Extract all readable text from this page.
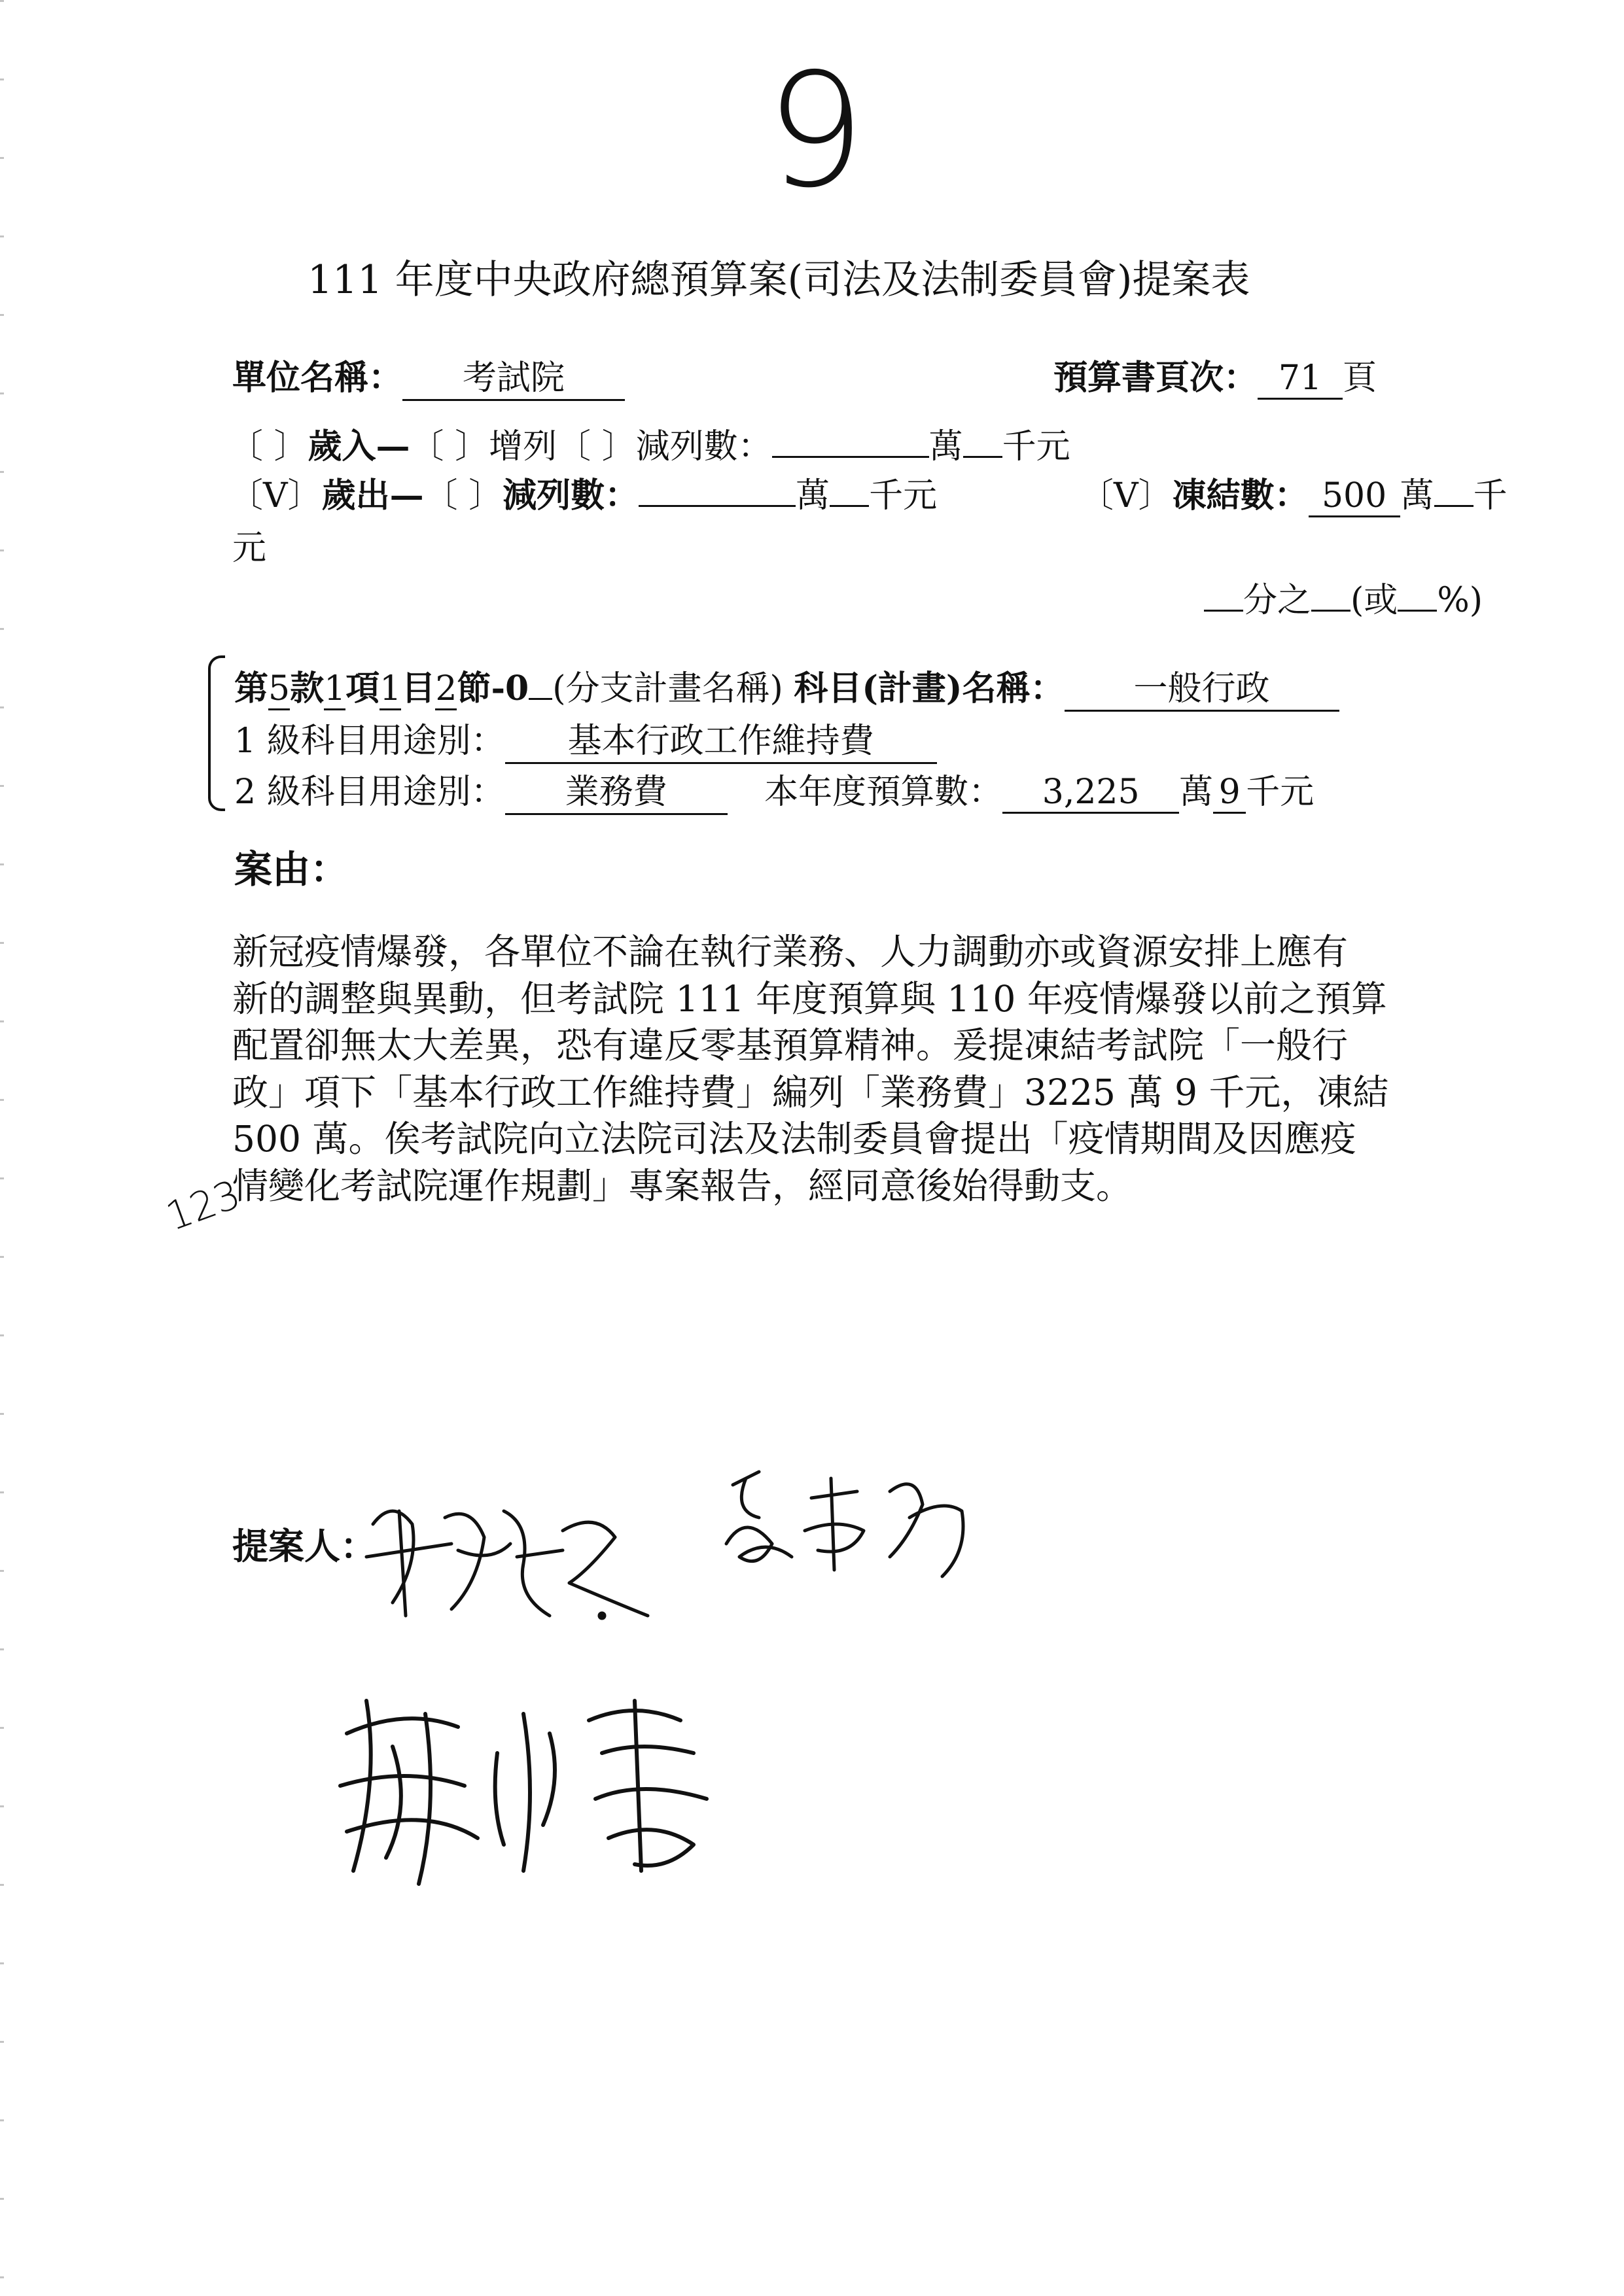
9
111 年度中央政府總預算案(司法及法制委員會)提案表
單位名稱： 考試院	預算書頁次： 71 頁
〔 〕歲入—〔 〕增列〔 〕減列數：	萬 千元
〔V〕歲出—〔 〕減列數：	萬 千元	〔V〕凍結數： 500 萬 千
元
分之 (或 %)
第5款1項1目2節-0 (分支計畫名稱) 科目(計畫)名稱： 一般行政
1 級科目用途別： 基本行政工作維持費
2 級科目用途別： 業務費	本年度預算數： 3,225 萬 9 千元
案由：

新冠疫情爆發，各單位不論在執行業務、人力調動亦或資源安排上應有

新的調整與異動，但考試院 111 年度預算與 110 年疫情爆發以前之預算

配置卻無太大差異，恐有違反零基預算精神。爰提凍結考試院「一般行

政」項下「基本行政工作維持費」編列「業務費」3225 萬 9 千元，凍結

500 萬。俟考試院向立法院司法及法制委員會提出「疫情期間及因應疫

情變化考試院運作規劃」專案報告，經同意後始得動支。

123
提案人：
